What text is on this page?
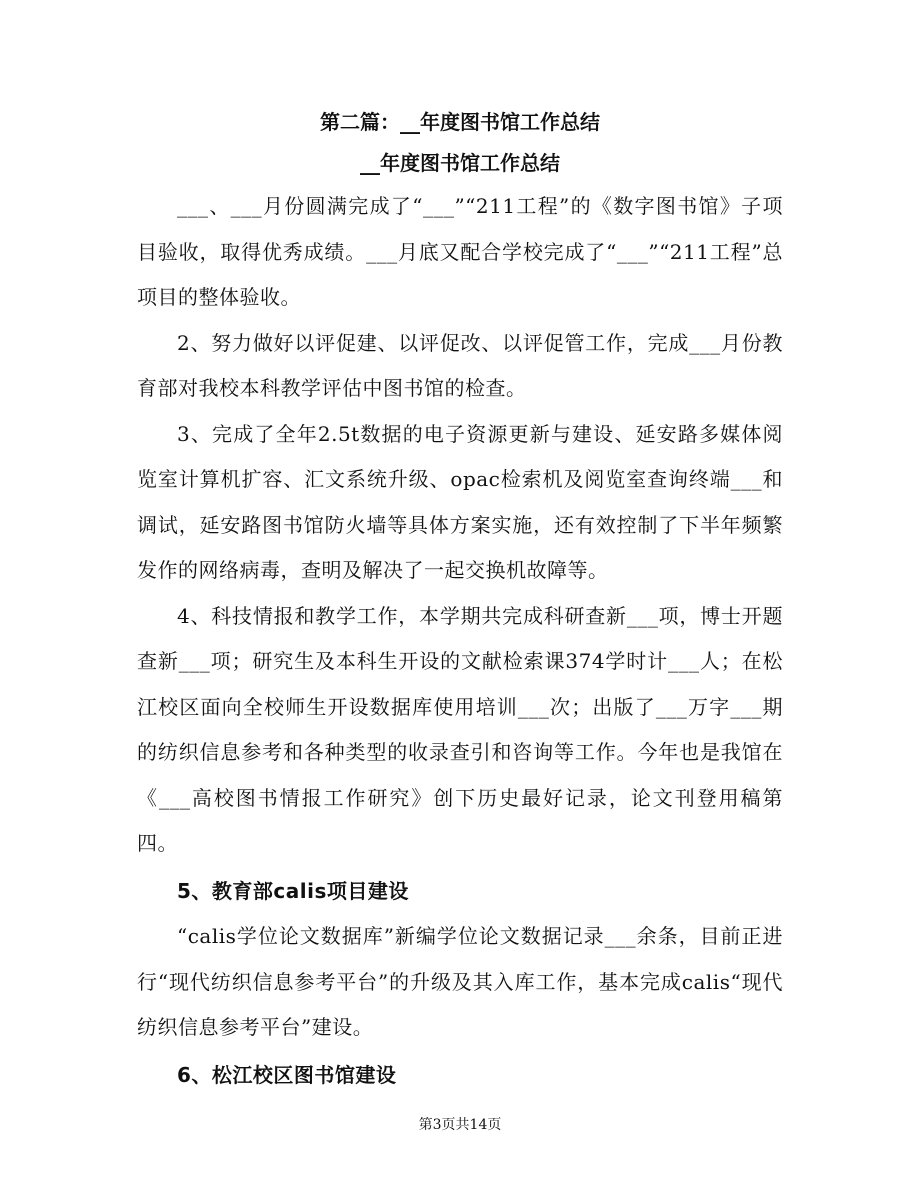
第二篇：__年度图书馆工作总结
__年度图书馆工作总结

___、___月份圆满完成了“___”“211工程”的《数字图书馆》子项目验收，取得优秀成绩。___月底又配合学校完成了“___”“211工程”总项目的整体验收。

2、努力做好以评促建、以评促改、以评促管工作，完成___月份教育部对我校本科教学评估中图书馆的检查。

3、完成了全年2.5t数据的电子资源更新与建设、延安路多媒体阅览室计算机扩容、汇文系统升级、opac检索机及阅览室查询终端___和调试，延安路图书馆防火墙等具体方案实施，还有效控制了下半年频繁发作的网络病毒，查明及解决了一起交换机故障等。

4、科技情报和教学工作，本学期共完成科研查新___项，博士开题查新___项；研究生及本科生开设的文献检索课374学时计___人；在松江校区面向全校师生开设数据库使用培训___次；出版了___万字___期的纺织信息参考和各种类型的收录查引和咨询等工作。今年也是我馆在《___高校图书情报工作研究》创下历史最好记录，论文刊登用稿第四。

5、教育部calis项目建设

“calis学位论文数据库”新编学位论文数据记录___余条，目前正进行“现代纺织信息参考平台”的升级及其入库工作，基本完成calis“现代纺织信息参考平台”建设。

6、松江校区图书馆建设

第3页共14页
